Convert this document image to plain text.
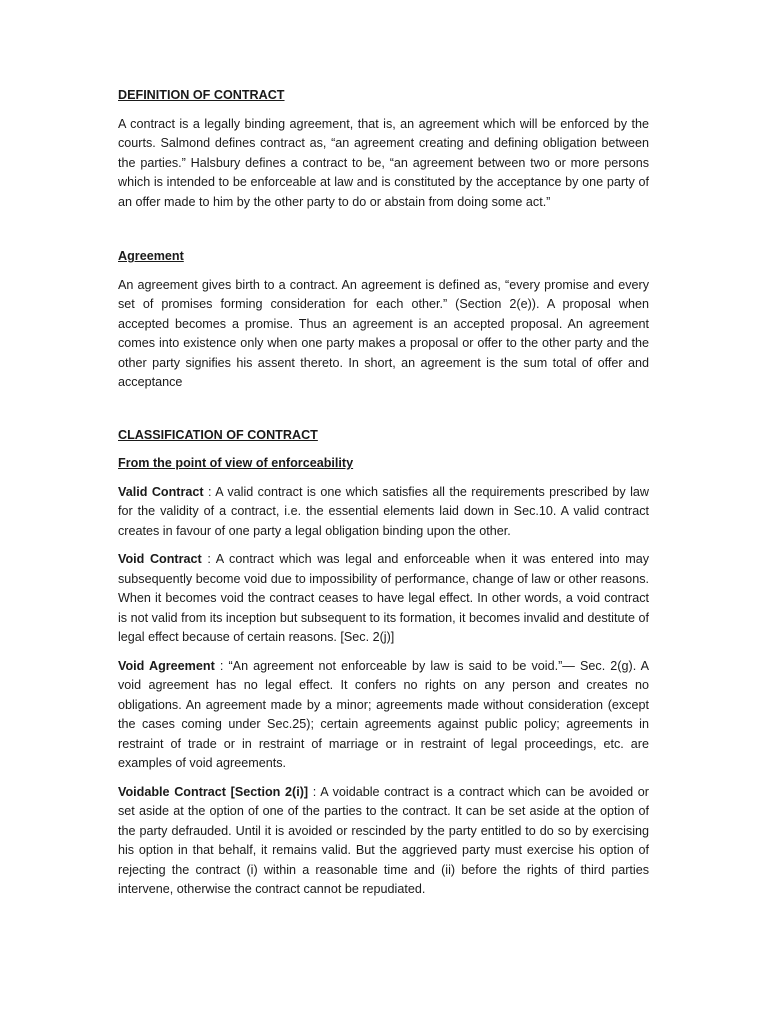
DEFINITION OF CONTRACT

A contract is a legally binding agreement, that is, an agreement which will be enforced by the courts. Salmond defines contract as, “an agreement creating and defining obligation between the parties.” Halsbury defines a contract to be, “an agreement between two or more persons which is intended to be enforceable at law and is constituted by the acceptance by one party of an offer made to him by the other party to do or abstain from doing some act.”

Agreement

An agreement gives birth to a contract. An agreement is defined as, “every promise and every set of promises forming consideration for each other.” (Section 2(e)). A proposal when accepted becomes a promise. Thus an agreement is an accepted proposal. An agreement comes into existence only when one party makes a proposal or offer to the other party and the other party signifies his assent thereto. In short, an agreement is the sum total of offer and acceptance

CLASSIFICATION OF CONTRACT
From the point of view of enforceability

Valid Contract : A valid contract is one which satisfies all the requirements prescribed by law for the validity of a contract, i.e. the essential elements laid down in Sec.10. A valid contract creates in favour of one party a legal obligation binding upon the other.

Void Contract : A contract which was legal and enforceable when it was entered into may subsequently become void due to impossibility of performance, change of law or other reasons. When it becomes void the contract ceases to have legal effect. In other words, a void contract is not valid from its inception but subsequent to its formation, it becomes invalid and destitute of legal effect because of certain reasons. [Sec. 2(j)]

Void Agreement : “An agreement not enforceable by law is said to be void.”— Sec. 2(g). A void agreement has no legal effect. It confers no rights on any person and creates no obligations. An agreement made by a minor; agreements made without consideration (except the cases coming under Sec.25); certain agreements against public policy; agreements in restraint of trade or in restraint of marriage or in restraint of legal proceedings, etc. are examples of void agreements.

Voidable Contract [Section 2(i)] : A voidable contract is a contract which can be avoided or set aside at the option of one of the parties to the contract. It can be set aside at the option of the party defrauded. Until it is avoided or rescinded by the party entitled to do so by exercising his option in that behalf, it remains valid. But the aggrieved party must exercise his option of rejecting the contract (i) within a reasonable time and (ii) before the rights of third parties intervene, otherwise the contract cannot be repudiated.
